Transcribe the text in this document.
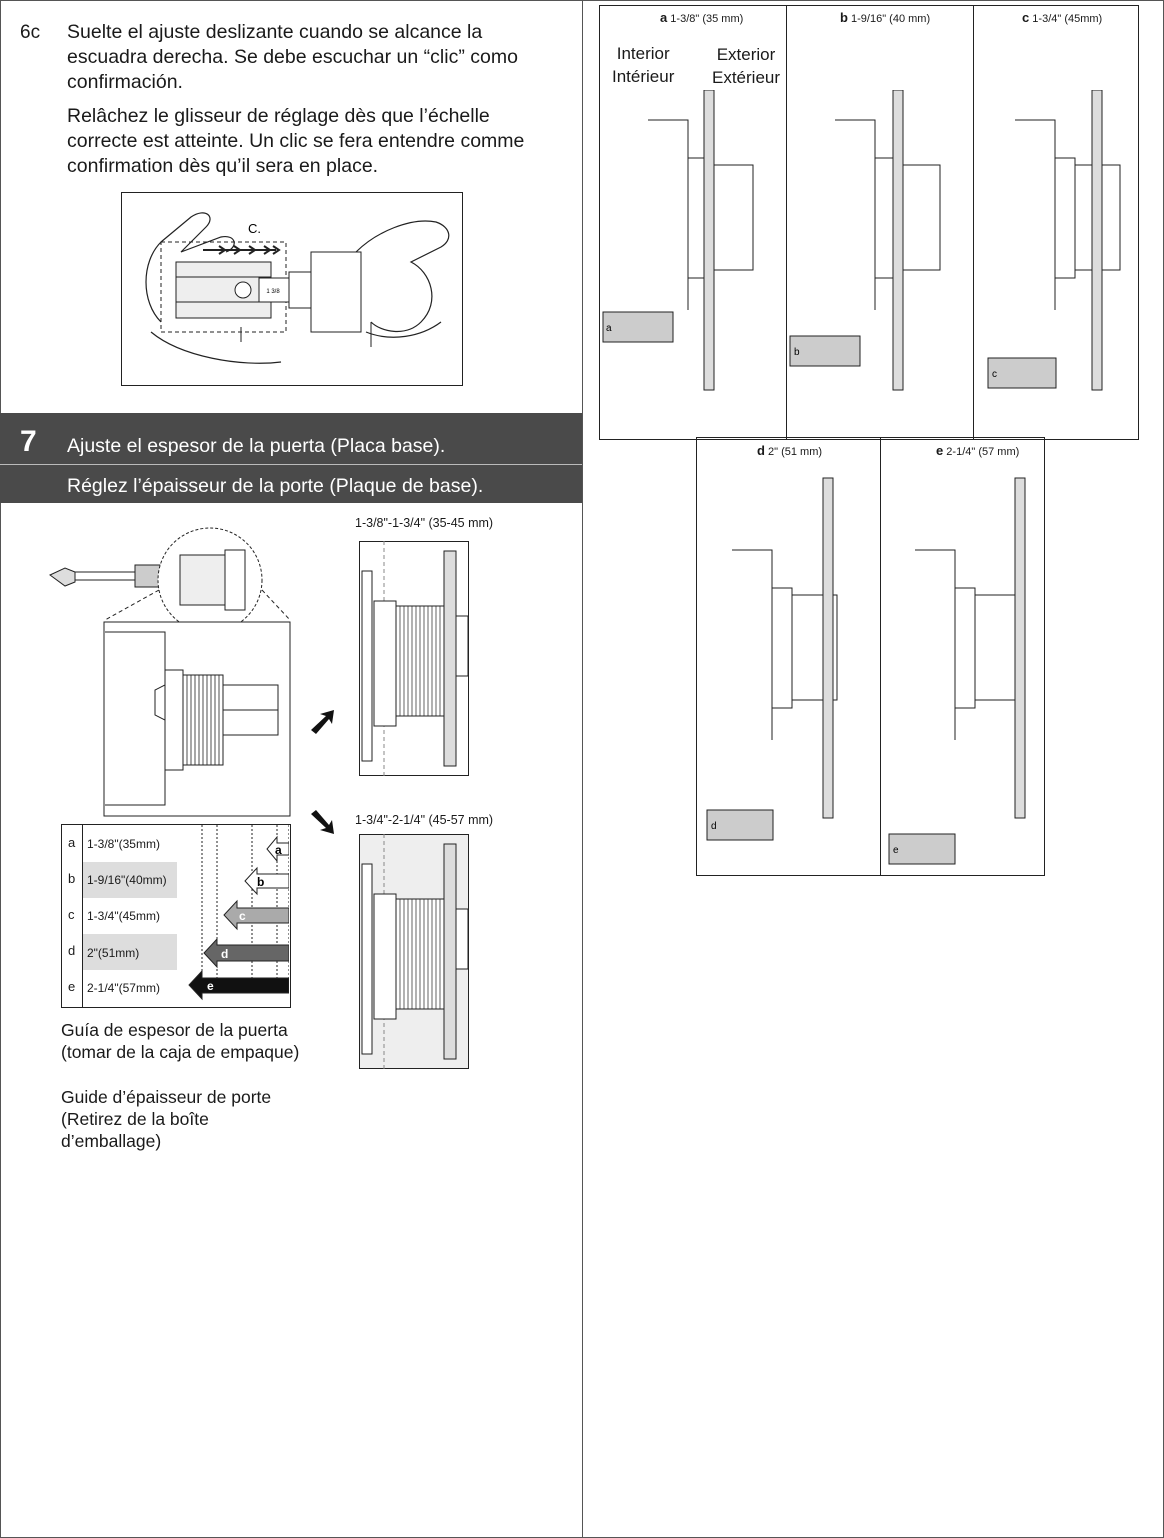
6c Suelte el ajuste deslizante cuando se alcance la
escuadra derecha. Se debe escuchar un “clic” como
confirmación.
Relâchez le glisseur de réglage dès que l’échelle
correcte est atteinte. Un clic se fera entendre comme
confirmation dès qu’il sera en place.
1 3/8
C.
7 Ajuste el espesor de la puerta (Placa base).
Réglez l’épaisseur de la porte (Plaque de base).
a 1-3/8"(35mm)
b 1-9/16"(40mm)
c 1-3/4"(45mm)
d 2"(51mm)
e 2-1/4"(57mm)
a
b
c
d
e
Guía de espesor de la puerta
(tomar de la caja de empaque)
Guide d’épaisseur de porte
(Retirez de la boîte
d’emballage)
1-3/8"-1-3/4" (35-45 mm)
1-3/4"-2-1/4" (45-57 mm)
a 1-3/8" (35 mm)	b 1-9/16" (40 mm)	c 1-3/4" (45mm)
d 2" (51 mm)	e 2-1/4" (57 mm)
Interior
Intérieur
Exterior
Extérieur
a
b
c
d
e
